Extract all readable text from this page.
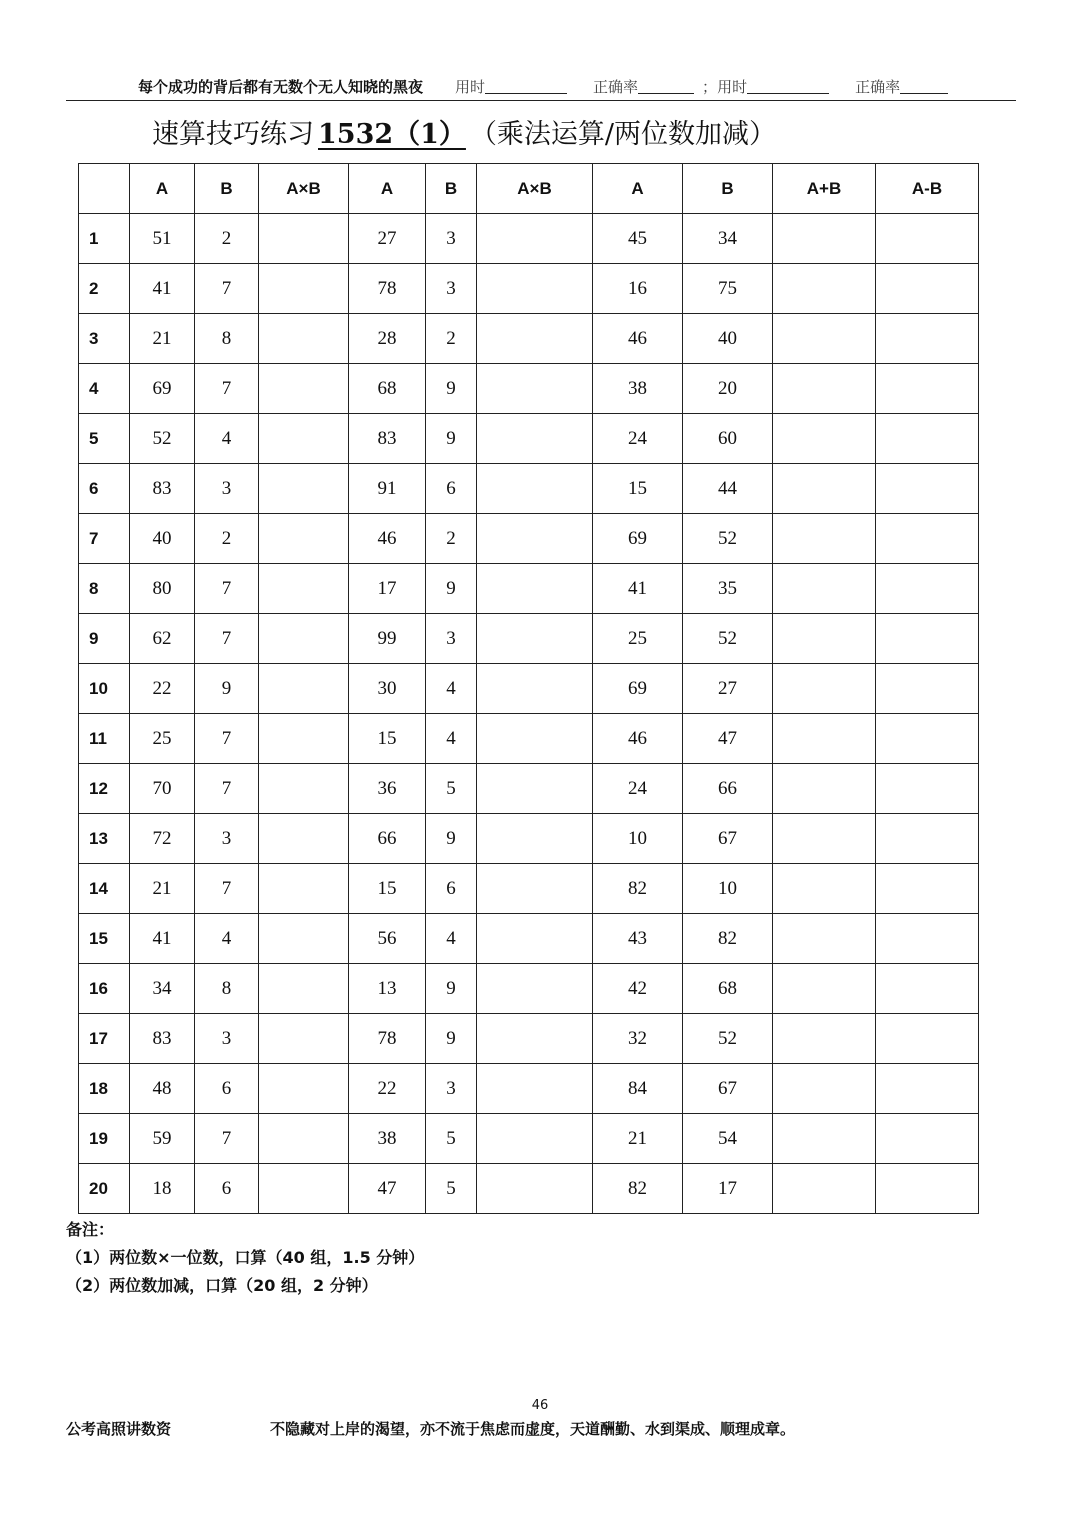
每个成功的背后都有无数个无人知晓的黑夜 用时	正确率	； 用时	正确率
速算技巧练习 1532（1） （乘法运算/两位数加减）
	A	B	A×B	A	B	A×B	A	B	A+B	A-B
1	51	2		27	3		45	34		
2	41	7		78	3		16	75		
3	21	8		28	2		46	40		
4	69	7		68	9		38	20		
5	52	4		83	9		24	60		
6	83	3		91	6		15	44		
7	40	2		46	2		69	52		
8	80	7		17	9		41	35		
9	62	7		99	3		25	52		
10	22	9		30	4		69	27		
11	25	7		15	4		46	47		
12	70	7		36	5		24	66		
13	72	3		66	9		10	67		
14	21	7		15	6		82	10		
15	41	4		56	4		43	82		
16	34	8		13	9		42	68		
17	83	3		78	9		32	52		
18	48	6		22	3		84	67		
19	59	7		38	5		21	54		
20	18	6		47	5		82	17		
备注：
（1）两位数×一位数，口算（40 组，1.5 分钟）
（2）两位数加减，口算（20 组，2 分钟）
46
公考高照讲数资	不隐藏对上岸的渴望，亦不流于焦虑而虚度，天道酬勤、水到渠成、顺理成章。
